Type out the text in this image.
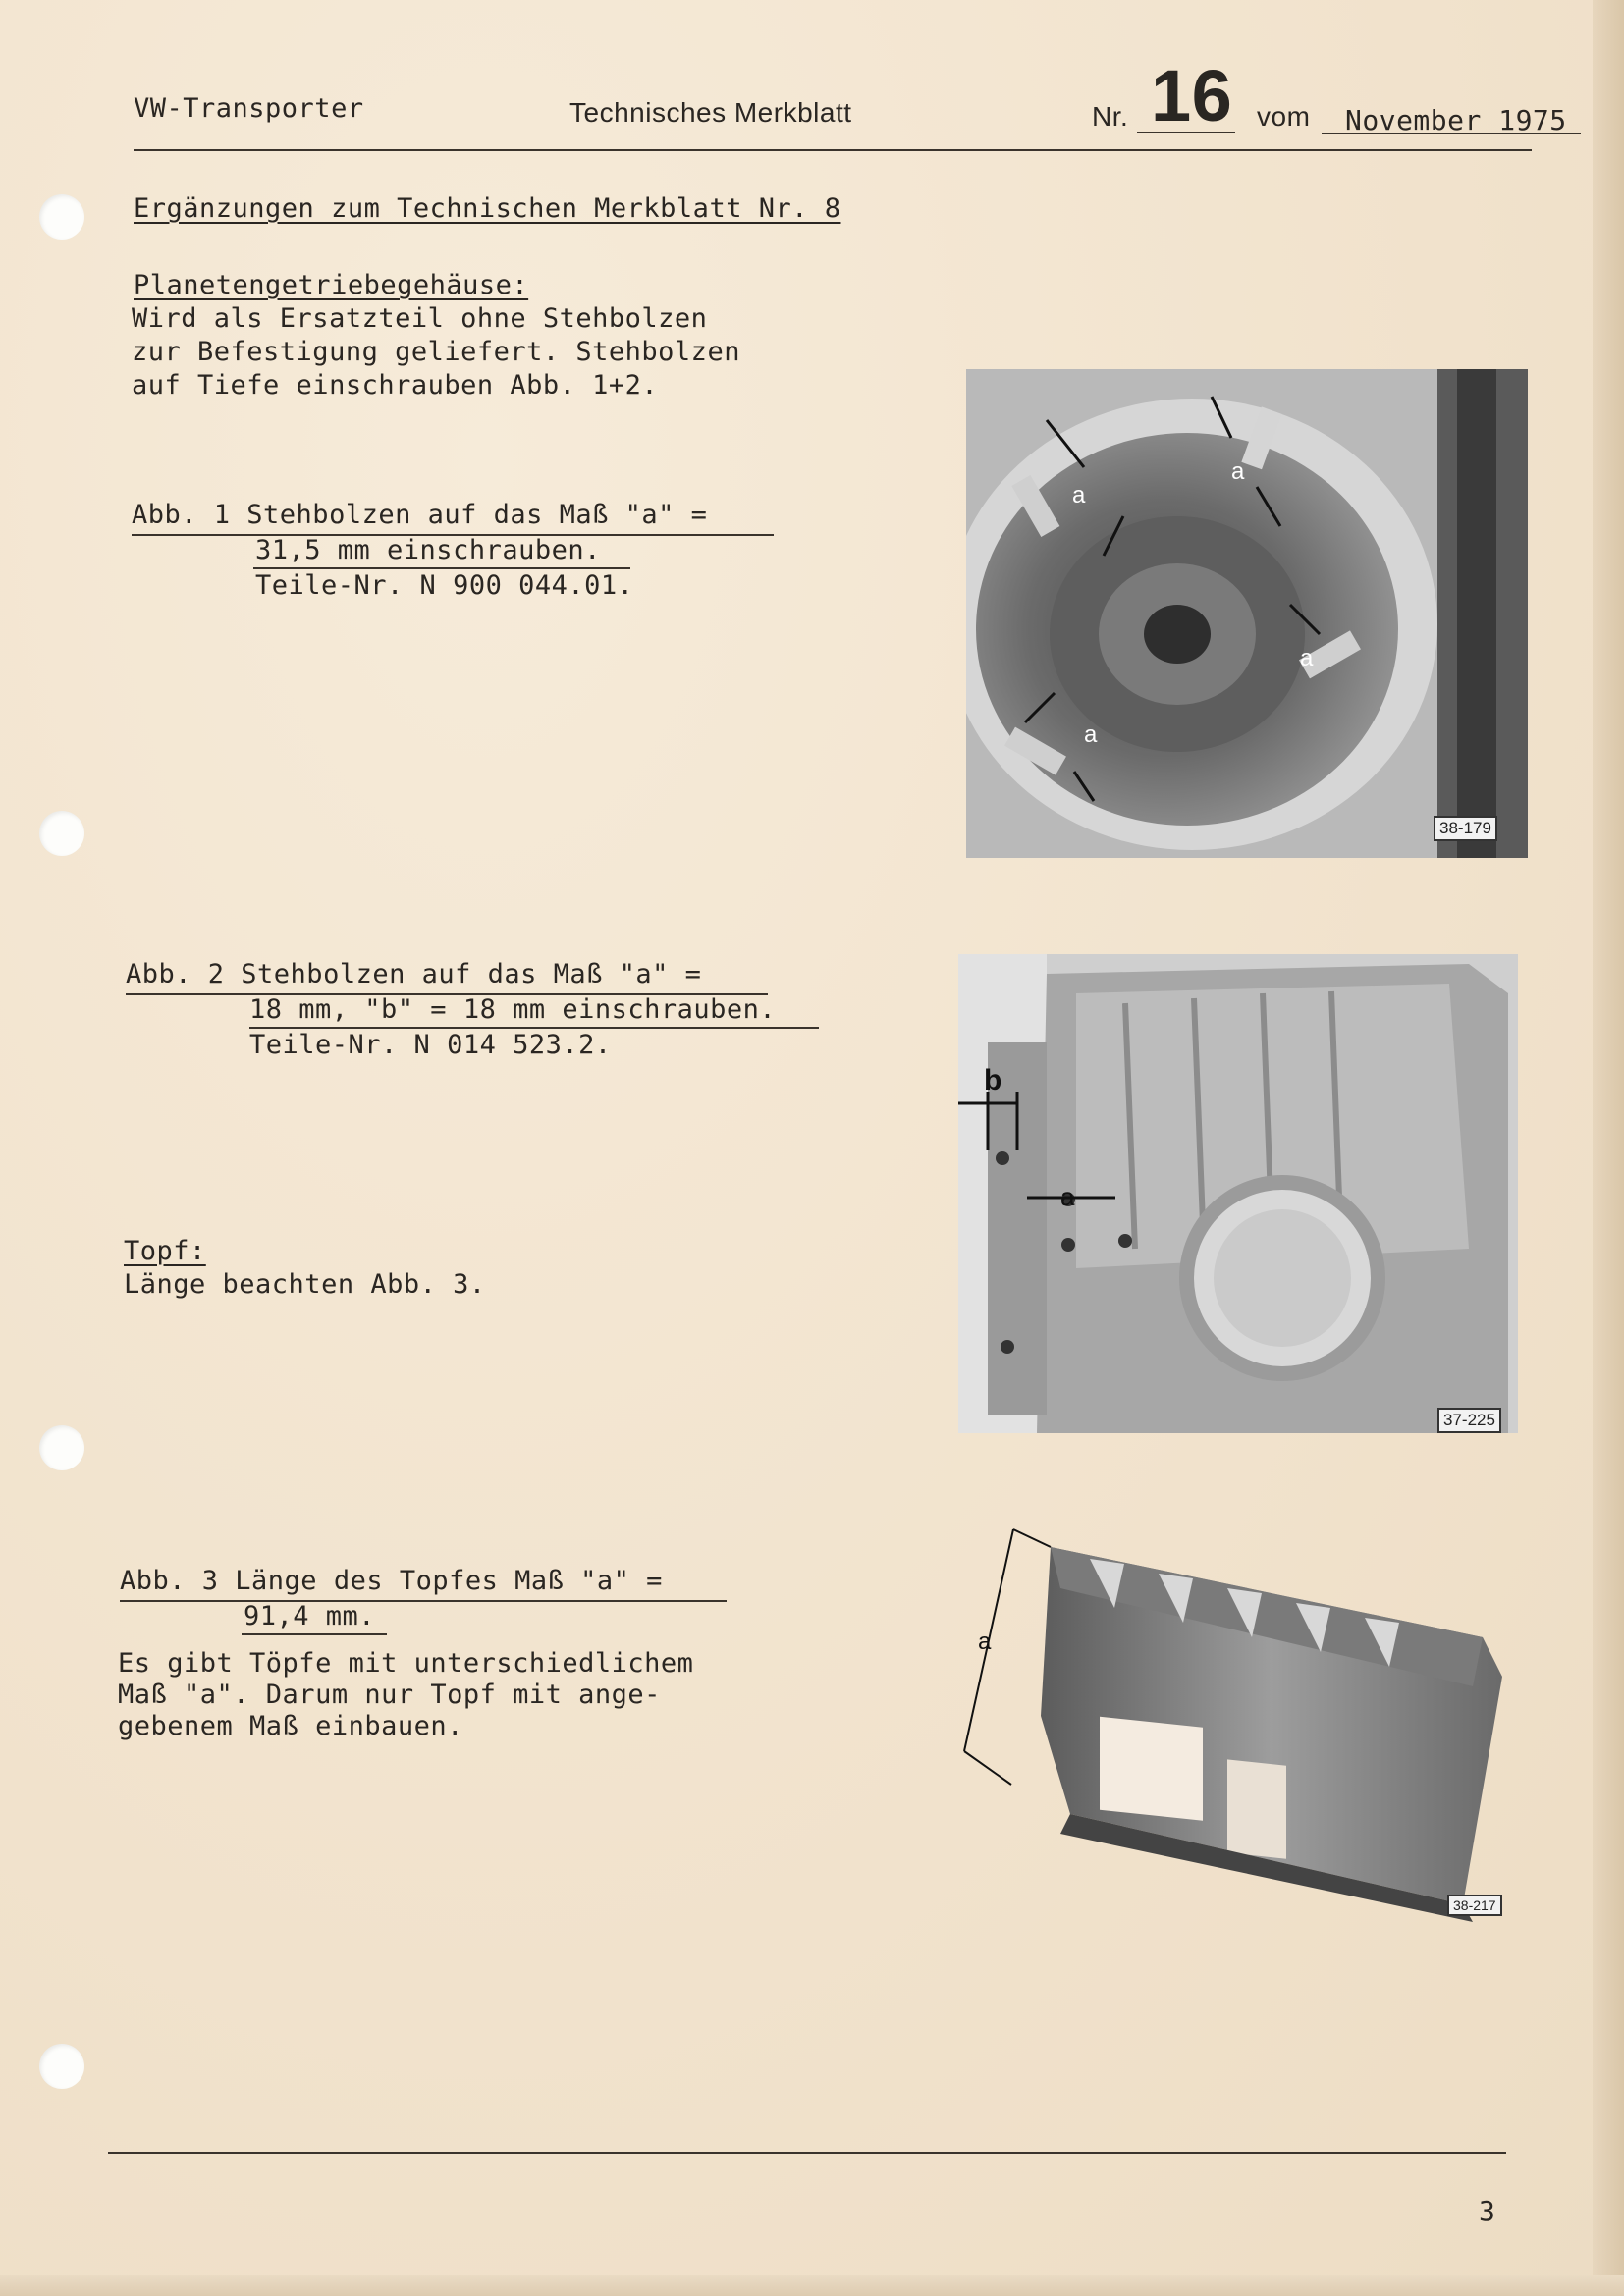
VW-Transporter	Technisches Merkblatt	Nr. 16 vom November 1975
Ergänzungen zum Technischen Merkblatt Nr. 8
Planetengetriebegehäuse:
Wird als Ersatzteil ohne Stehbolzen
zur Befestigung geliefert. Stehbolzen
auf Tiefe einschrauben Abb. 1+2.
Abb. 1 Stehbolzen auf das Maß "a" =
31,5 mm einschrauben.
Teile-Nr. N 900 044.01.
a
a
a
a
38-179
Abb. 2 Stehbolzen auf das Maß "a" =
18 mm, "b" = 18 mm einschrauben.
Teile-Nr. N 014 523.2.
b
a
37-225
Topf:
Länge beachten Abb. 3.
Abb. 3 Länge des Topfes Maß "a" =
91,4 mm.
Es gibt Töpfe mit unterschiedlichem
Maß "a". Darum nur Topf mit ange-
gebenem Maß einbauen.
a
38-217
3
